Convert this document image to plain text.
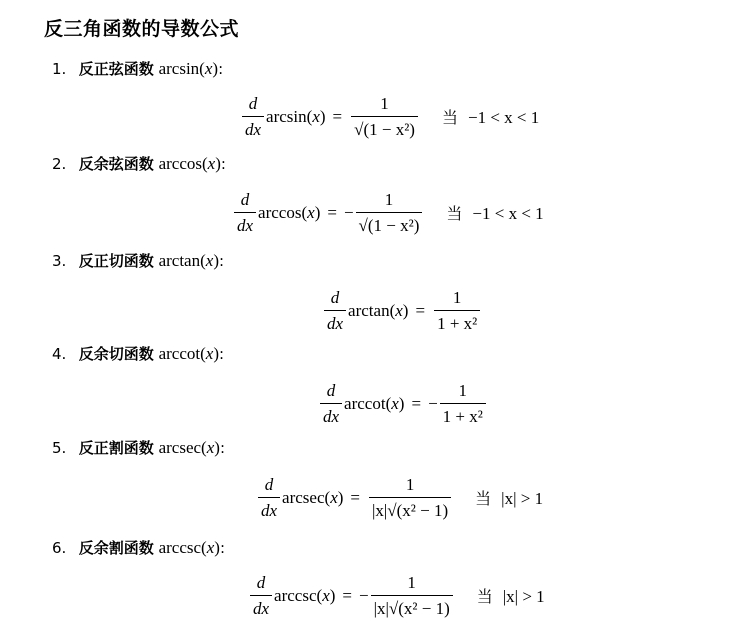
反三角函数的导数公式
1. 反正弦函数 arcsin(x):
$\frac{d}{dx} \arcsin(x) = \frac{1}{\text{√(1 − x²)}}$ 当 −1 < x < 1
2. 反余弦函数 arccos(x):
$\frac{d}{dx} \arccos(x)$ = − $\frac{1}{\text{√(1 − x²)}}$ 当 −1 < x < 1
3. 反正切函数 arctan(x):
$\frac{d}{dx} \arctan(x) = \frac{1}{\text{1 + x²}}$
4. 反余切函数 arccot(x):
$\frac{d}{dx} arccot(x)$ = − $\frac{1}{\text{1 + x²}}$
5. 反正割函数 arcsec(x):
$\frac{d}{dx} arcsec(x) = \frac{1}{\text{|x|√(x² − 1)}}$ 当 |x| > 1
6. 反余割函数 arccsc(x):
$\frac{d}{dx} arccsc(x)$ = − $\frac{1}{\text{|x|√(x² − 1)}}$ 当 |x| > 1
